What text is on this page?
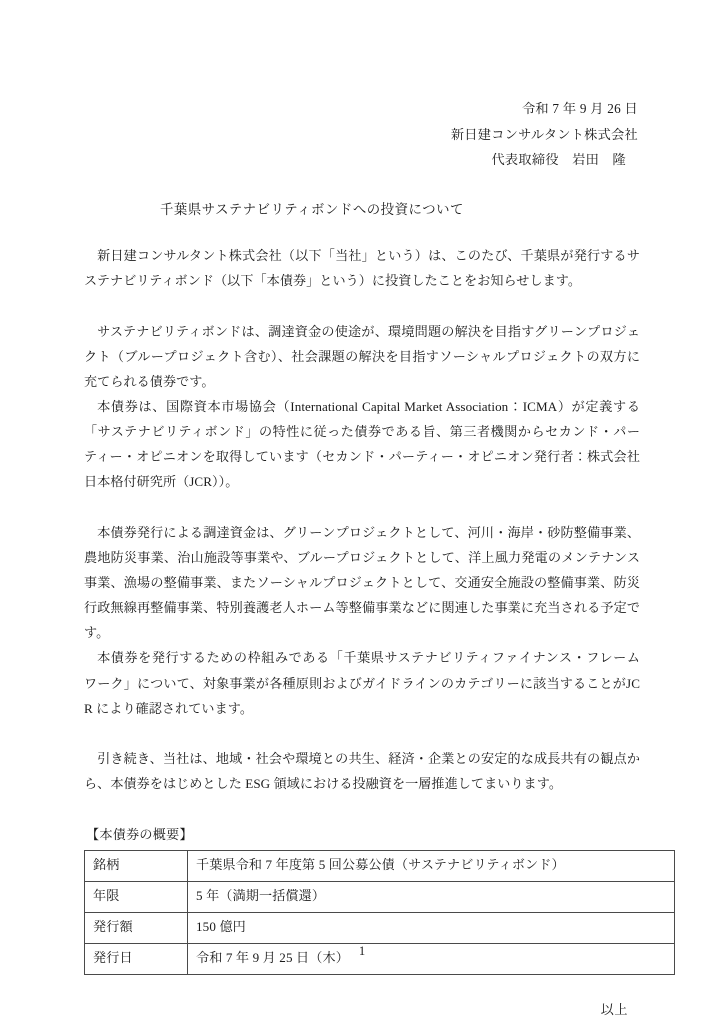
令和 7 年 9 月 26 日
新日建コンサルタント株式会社
代表取締役　岩田　隆
千葉県サステナビリティボンドへの投資について

新日建コンサルタント株式会社（以下「当社」という）は、このたび、千葉県が発行するサステナビリティボンド（以下「本債券」という）に投資したことをお知らせします。

サステナビリティボンドは、調達資金の使途が、環境問題の解決を目指すグリーンプロジェクト（ブループロジェクト含む）、社会課題の解決を目指すソーシャルプロジェクトの双方に充てられる債券です。

本債券は、国際資本市場協会（International Capital Market Association：ICMA）が定義する「サステナビリティボンド」の特性に従った債券である旨、第三者機関からセカンド・パーティー・オピニオンを取得しています（セカンド・パーティー・オピニオン発行者：株式会社日本格付研究所（JCR））。

本債券発行による調達資金は、グリーンプロジェクトとして、河川・海岸・砂防整備事業、農地防災事業、治山施設等事業や、ブループロジェクトとして、洋上風力発電のメンテナンス事業、漁場の整備事業、またソーシャルプロジェクトとして、交通安全施設の整備事業、防災行政無線再整備事業、特別養護老人ホーム等整備事業などに関連した事業に充当される予定です。

本債券を発行するための枠組みである「千葉県サステナビリティファイナンス・フレームワーク」について、対象事業が各種原則およびガイドラインのカテゴリーに該当することがJCR により確認されています。

引き続き、当社は、地域・社会や環境との共生、経済・企業との安定的な成長共有の観点から、本債券をはじめとした ESG 領域における投融資を一層推進してまいります。

【本債券の概要】
銘柄	千葉県令和 7 年度第 5 回公募公債（サステナビリティボンド）
年限	5 年（満期一括償還）
発行額	150 億円
発行日	令和 7 年 9 月 25 日（木）
以上
1
